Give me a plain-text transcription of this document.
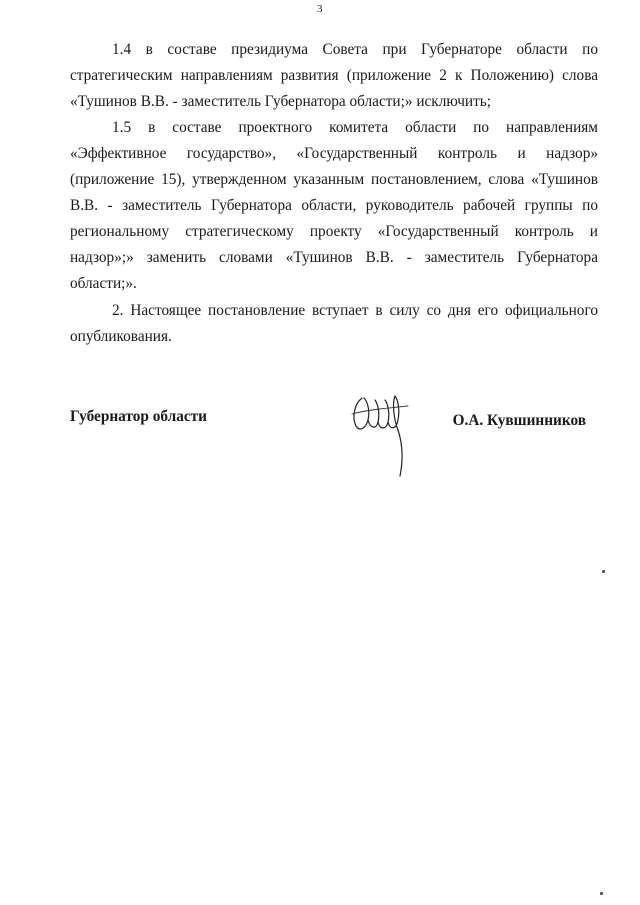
3

1.4 в составе президиума Совета при Губернаторе области по стратегическим направлениям развития (приложение 2 к Положению) слова «Тушинов В.В. - заместитель Губернатора области;» исключить;

1.5 в составе проектного комитета области по направлениям «Эффективное государство», «Государственный контроль и надзор» (приложение 15), утвержденном указанным постановлением, слова «Тушинов В.В. - заместитель Губернатора области, руководитель рабочей группы по региональному стратегическому проекту «Государственный контроль и надзор»;» заменить словами «Тушинов В.В. - заместитель Губернатора области;».

2. Настоящее постановление вступает в силу со дня его официального опубликования.

Губернатор области	О.А. Кувшинников
